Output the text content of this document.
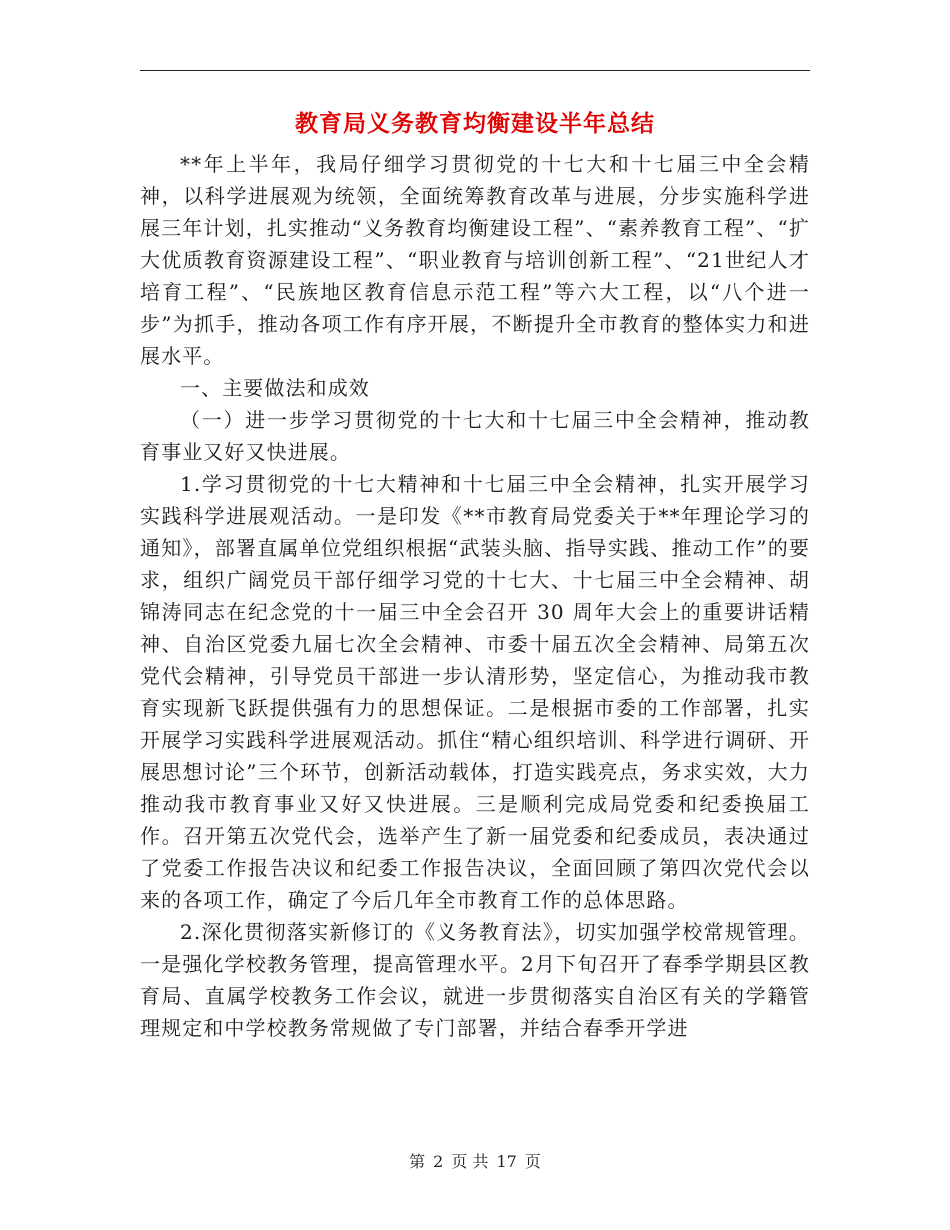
教育局义务教育均衡建设半年总结

**年上半年，我局仔细学习贯彻党的十七大和十七届三中全会精神，以科学进展观为统领，全面统筹教育改革与进展，分步实施科学进展三年计划，扎实推动“义务教育均衡建设工程”、“素养教育工程”、“扩大优质教育资源建设工程”、“职业教育与培训创新工程”、“21世纪人才培育工程”、“民族地区教育信息示范工程”等六大工程，以“八个进一步”为抓手，推动各项工作有序开展，不断提升全市教育的整体实力和进展水平。

一、主要做法和成效

（一）进一步学习贯彻党的十七大和十七届三中全会精神，推动教育事业又好又快进展。

1.学习贯彻党的十七大精神和十七届三中全会精神，扎实开展学习实践科学进展观活动。一是印发《**市教育局党委关于**年理论学习的通知》，部署直属单位党组织根据“武装头脑、指导实践、推动工作”的要求，组织广阔党员干部仔细学习党的十七大、十七届三中全会精神、胡锦涛同志在纪念党的十一届三中全会召开 30 周年大会上的重要讲话精神、自治区党委九届七次全会精神、市委十届五次全会精神、局第五次党代会精神，引导党员干部进一步认清形势，坚定信心，为推动我市教育实现新飞跃提供强有力的思想保证。二是根据市委的工作部署，扎实开展学习实践科学进展观活动。抓住“精心组织培训、科学进行调研、开展思想讨论”三个环节，创新活动载体，打造实践亮点，务求实效，大力推动我市教育事业又好又快进展。三是顺利完成局党委和纪委换届工作。召开第五次党代会，选举产生了新一届党委和纪委成员，表决通过了党委工作报告决议和纪委工作报告决议，全面回顾了第四次党代会以来的各项工作，确定了今后几年全市教育工作的总体思路。

2.深化贯彻落实新修订的《义务教育法》，切实加强学校常规管理。一是强化学校教务管理，提高管理水平。2月下旬召开了春季学期县区教育局、直属学校教务工作会议，就进一步贯彻落实自治区有关的学籍管理规定和中学校教务常规做了专门部署，并结合春季开学进

第 2 页 共 17 页
